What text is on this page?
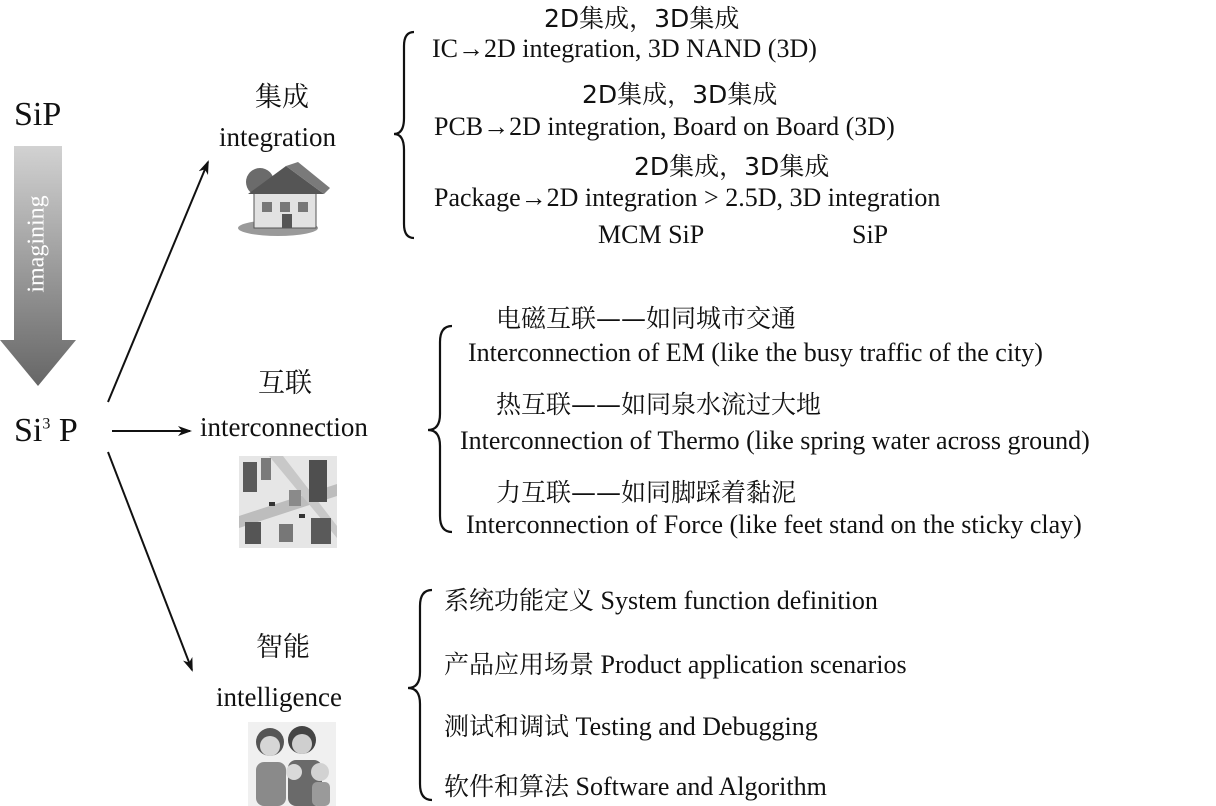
SiP
imagining
Si$^3$ P
集成
integration
2D集成，3D集成
IC→2D integration, 3D NAND (3D)
2D集成，3D集成
PCB→2D integration, Board on Board (3D)
2D集成，3D集成
Package→2D integration > 2.5D, 3D integration
MCM SiP	SiP
互联
interconnection
电磁互联——如同城市交通
Interconnection of EM (like the busy traffic of the city)
热互联——如同泉水流过大地
Interconnection of Thermo (like spring water across ground)
力互联——如同脚踩着黏泥
Interconnection of Force (like feet stand on the sticky clay)
智能
intelligence
系统功能定义 System function definition
产品应用场景 Product application scenarios
测试和调试 Testing and Debugging
软件和算法 Software and Algorithm
